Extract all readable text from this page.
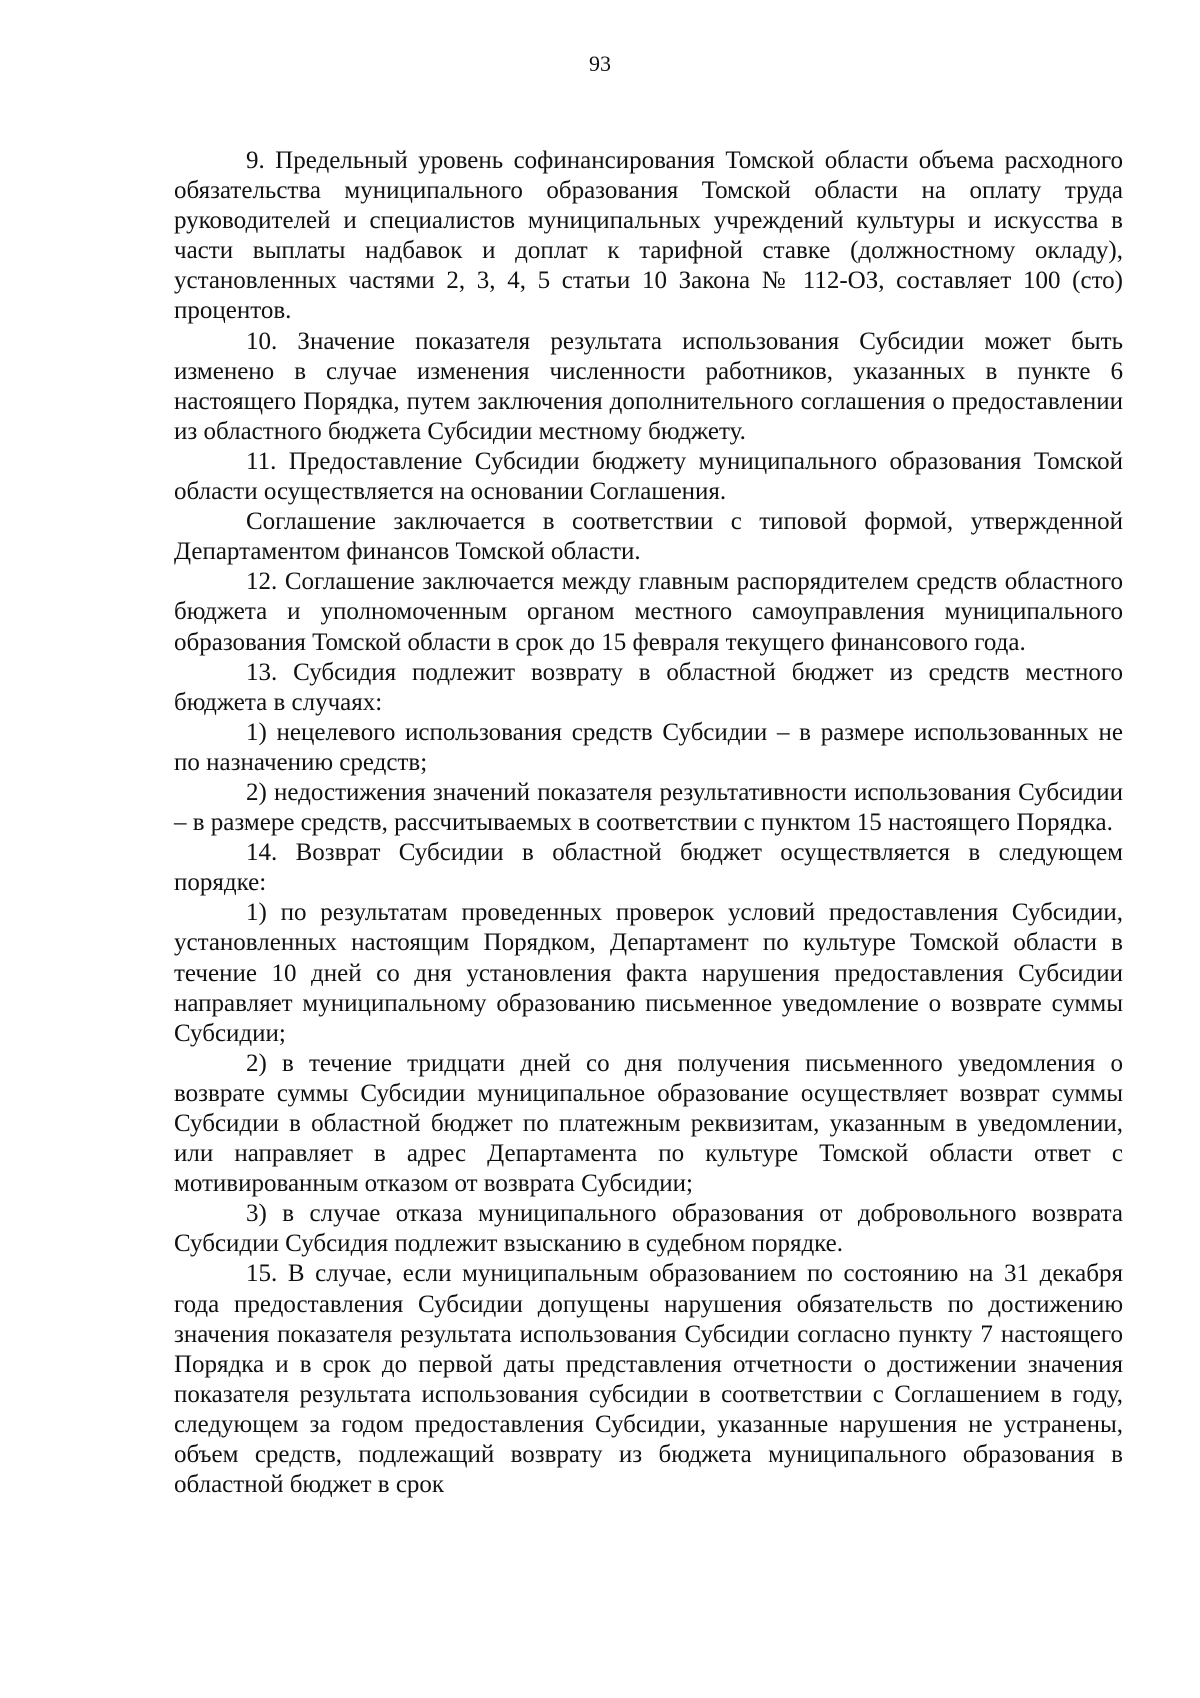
93

9. Предельный уровень софинансирования Томской области объема расходного обязательства муниципального образования Томской области на оплату труда руководителей и специалистов муниципальных учреждений культуры и искусства в части выплаты надбавок и доплат к тарифной ставке (должностному окладу), установленных частями 2, 3, 4, 5 статьи 10 Закона № 112-ОЗ, составляет 100 (сто) процентов.

10. Значение показателя результата использования Субсидии может быть изменено в случае изменения численности работников, указанных в пункте 6 настоящего Порядка, путем заключения дополнительного соглашения о предоставлении из областного бюджета Субсидии местному бюджету.

11. Предоставление Субсидии бюджету муниципального образования Томской области осуществляется на основании Соглашения.

Соглашение заключается в соответствии с типовой формой, утвержденной Департаментом финансов Томской области.

12. Соглашение заключается между главным распорядителем средств областного бюджета и уполномоченным органом местного самоуправления муниципального образования Томской области в срок до 15 февраля текущего финансового года.

13. Субсидия подлежит возврату в областной бюджет из средств местного бюджета в случаях:

1) нецелевого использования средств Субсидии – в размере использованных не по назначению средств;

2) недостижения значений показателя результативности использования Субсидии – в размере средств, рассчитываемых в соответствии с пунктом 15 настоящего Порядка.

14. Возврат Субсидии в областной бюджет осуществляется в следующем порядке:

1) по результатам проведенных проверок условий предоставления Субсидии, установленных настоящим Порядком, Департамент по культуре Томской области в течение 10 дней со дня установления факта нарушения предоставления Субсидии направляет муниципальному образованию письменное уведомление о возврате суммы Субсидии;

2) в течение тридцати дней со дня получения письменного уведомления о возврате суммы Субсидии муниципальное образование осуществляет возврат суммы Субсидии в областной бюджет по платежным реквизитам, указанным в уведомлении, или направляет в адрес Департамента по культуре Томской области ответ с мотивированным отказом от возврата Субсидии;

3) в случае отказа муниципального образования от добровольного возврата Субсидии Субсидия подлежит взысканию в судебном порядке.

15. В случае, если муниципальным образованием по состоянию на 31 декабря года предоставления Субсидии допущены нарушения обязательств по достижению значения показателя результата использования Субсидии согласно пункту 7 настоящего Порядка и в срок до первой даты представления отчетности о достижении значения показателя результата использования субсидии в соответствии с Соглашением в году, следующем за годом предоставления Субсидии, указанные нарушения не устранены, объем средств, подлежащий возврату из бюджета муниципального образования в областной бюджет в срок
